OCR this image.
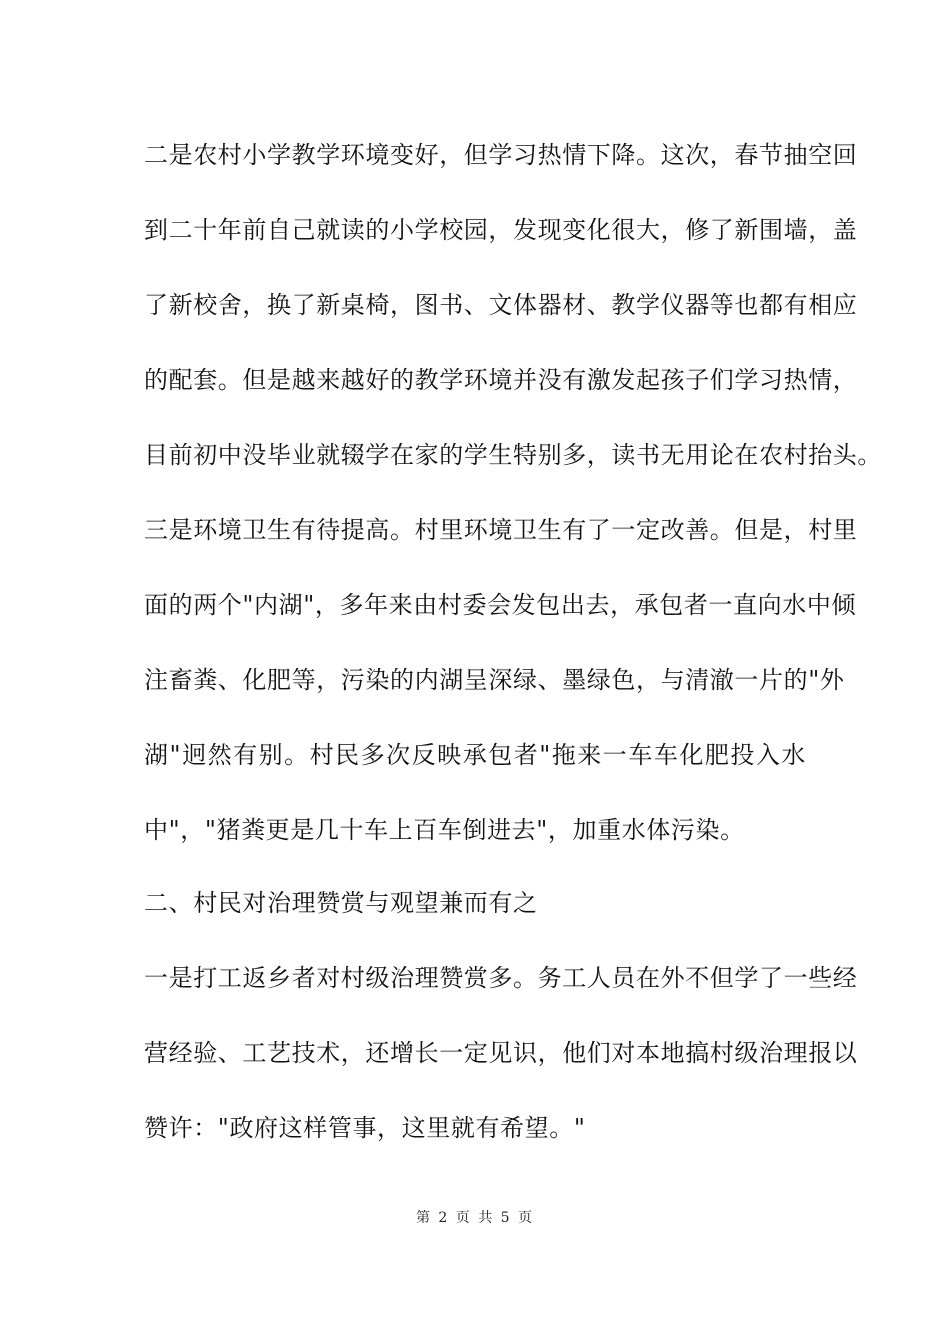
二是农村小学教学环境变好，但学习热情下降。这次，春节抽空回
到二十年前自己就读的小学校园，发现变化很大，修了新围墙，盖
了新校舍，换了新桌椅，图书、文体器材、教学仪器等也都有相应
的配套。但是越来越好的教学环境并没有激发起孩子们学习热情，
目前初中没毕业就辍学在家的学生特别多，读书无用论在农村抬头。
三是环境卫生有待提高。村里环境卫生有了一定改善。但是，村里
面的两个"内湖"，多年来由村委会发包出去，承包者一直向水中倾
注畜粪、化肥等，污染的内湖呈深绿、墨绿色，与清澈一片的"外
湖"迥然有别。村民多次反映承包者"拖来一车车化肥投入水
中"，"猪粪更是几十车上百车倒进去"，加重水体污染。
二、村民对治理赞赏与观望兼而有之
一是打工返乡者对村级治理赞赏多。务工人员在外不但学了一些经
营经验、工艺技术，还增长一定见识，他们对本地搞村级治理报以
赞许："政府这样管事，这里就有希望。"
第 2 页 共 5 页
